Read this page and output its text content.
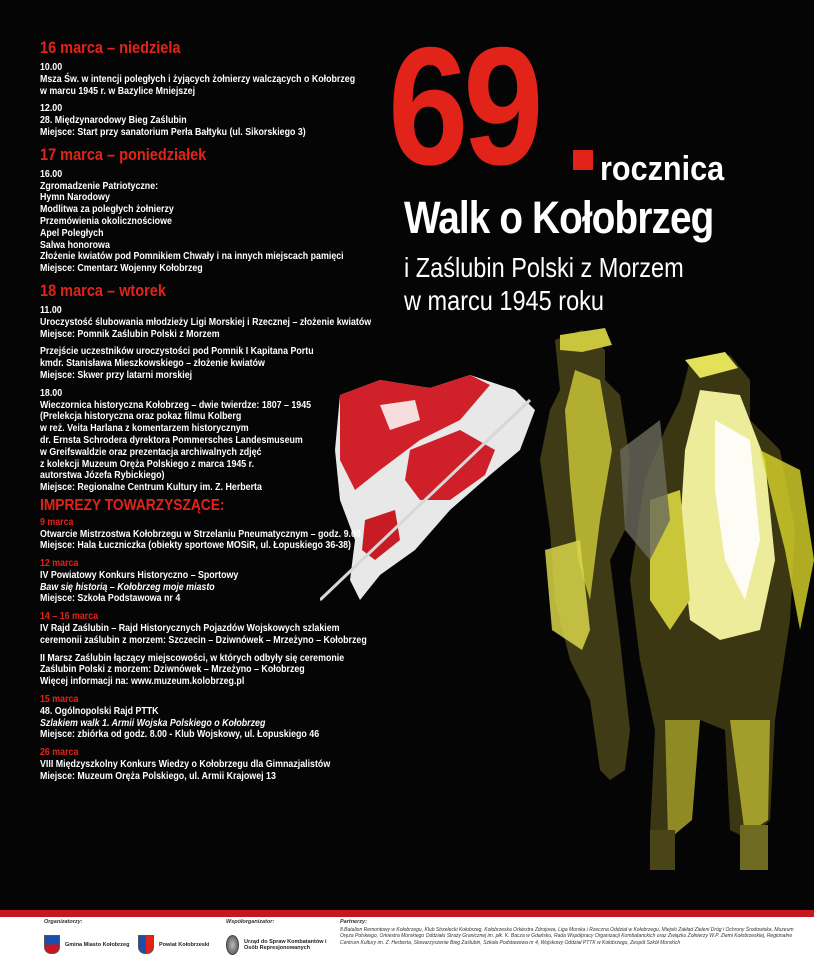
69 rocznica
Walk o Kołobrzeg
i Zaślubin Polski z Morzem
w marcu 1945 roku
16 marca – niedziela
10.00
Msza Św. w intencji poległych i żyjących żołnierzy walczących o Kołobrzeg
w marcu 1945 r. w Bazylice Mniejszej
12.00
28. Międzynarodowy Bieg Zaślubin
Miejsce: Start przy sanatorium Perła Bałtyku (ul. Sikorskiego 3)
17 marca – poniedziałek
16.00
Zgromadzenie Patriotyczne:
Hymn Narodowy
Modlitwa za poległych żołnierzy
Przemówienia okolicznościowe
Apel Poległych
Salwa honorowa
Złożenie kwiatów pod Pomnikiem Chwały i na innych miejscach pamięci
Miejsce: Cmentarz Wojenny Kołobrzeg
18 marca – wtorek
11.00
Uroczystość ślubowania młodzieży Ligi Morskiej i Rzecznej – złożenie kwiatów
Miejsce: Pomnik Zaślubin Polski z Morzem
Przejście uczestników uroczystości pod Pomnik I Kapitana Portu
kmdr. Stanisława Mieszkowskiego – złożenie kwiatów
Miejsce: Skwer przy latarni morskiej
18.00
Wieczornica historyczna Kołobrzeg – dwie twierdze: 1807 – 1945
(Prelekcja historyczna oraz pokaz filmu Kolberg
w reż. Veita Harlana z komentarzem historycznym
dr. Ernsta Schrodera dyrektora Pommersches Landesmuseum
w Greifswaldzie oraz prezentacja archiwalnych zdjęć
z kolekcji Muzeum Oręża Polskiego z marca 1945 r.
autorstwa Józefa Rybickiego)
Miejsce: Regionalne Centrum Kultury im. Z. Herberta
IMPREZY TOWARZYSZĄCE:
9 marca
Otwarcie Mistrzostwa Kołobrzegu w Strzelaniu Pneumatycznym – godz. 9.00
Miejsce: Hala Łuczniczka (obiekty sportowe MOSiR, ul. Łopuskiego 36-38)
12 marca
IV Powiatowy Konkurs Historyczno – Sportowy
Baw się historią – Kołobrzeg moje miasto
Miejsce: Szkoła Podstawowa nr 4
14 – 16 marca
IV Rajd Zaślubin – Rajd Historycznych Pojazdów Wojskowych szlakiem
ceremonii zaślubin z morzem: Szczecin – Dziwnówek – Mrzeżyno – Kołobrzeg
II Marsz Zaślubin łączący miejscowości, w których odbyły się ceremonie
Zaślubin Polski z morzem: Dziwnówek – Mrzeżyno – Kołobrzeg
Więcej informacji na: www.muzeum.kolobrzeg.pl
15 marca
48. Ogólnopolski Rajd PTTK
Szlakiem walk 1. Armii Wojska Polskiego o Kołobrzeg
Miejsce: zbiórka od godz. 8.00 - Klub Wojskowy, ul. Łopuskiego 46
26 marca
VIII Międzyszkolny Konkurs Wiedzy o Kołobrzegu dla Gimnazjalistów
Miejsce: Muzeum Oręża Polskiego, ul. Armii Krajowej 13
Organizatorzy:
Gmina Miasto Kołobrzeg	Powiat Kołobrzeski
Współorganizator:
Urząd do Spraw Kombatantów i Osób Represjonowanych
Partnerzy:
8.Batalion Remontowy w Kołobrzegu, Klub Strzelecki Kołobrzeg, Kołobrzeska Orkiestra Zdrojowa, Liga Morska i Rzeczna Oddział w Kołobrzegu, Miejski Zakład Zieleni Dróg i Ochrony Środowiska, Muzeum Oręża Polskiego, Orkiestra Morskiego Oddziału Straży Granicznej im. płk. K. Bacza w Gdańsku, Rada Współpracy Organizacji Kombatanckich oraz Związku Żołnierzy W.P. Ziemi Kołobrzeskiej, Regionalne Centrum Kultury im. Z. Herberta, Stowarzyszenie Bieg Zaślubin, Szkoła Podstawowa nr 4, Wojskowy Oddział PTTK w Kołobrzegu, Zespół Szkół Morskich
